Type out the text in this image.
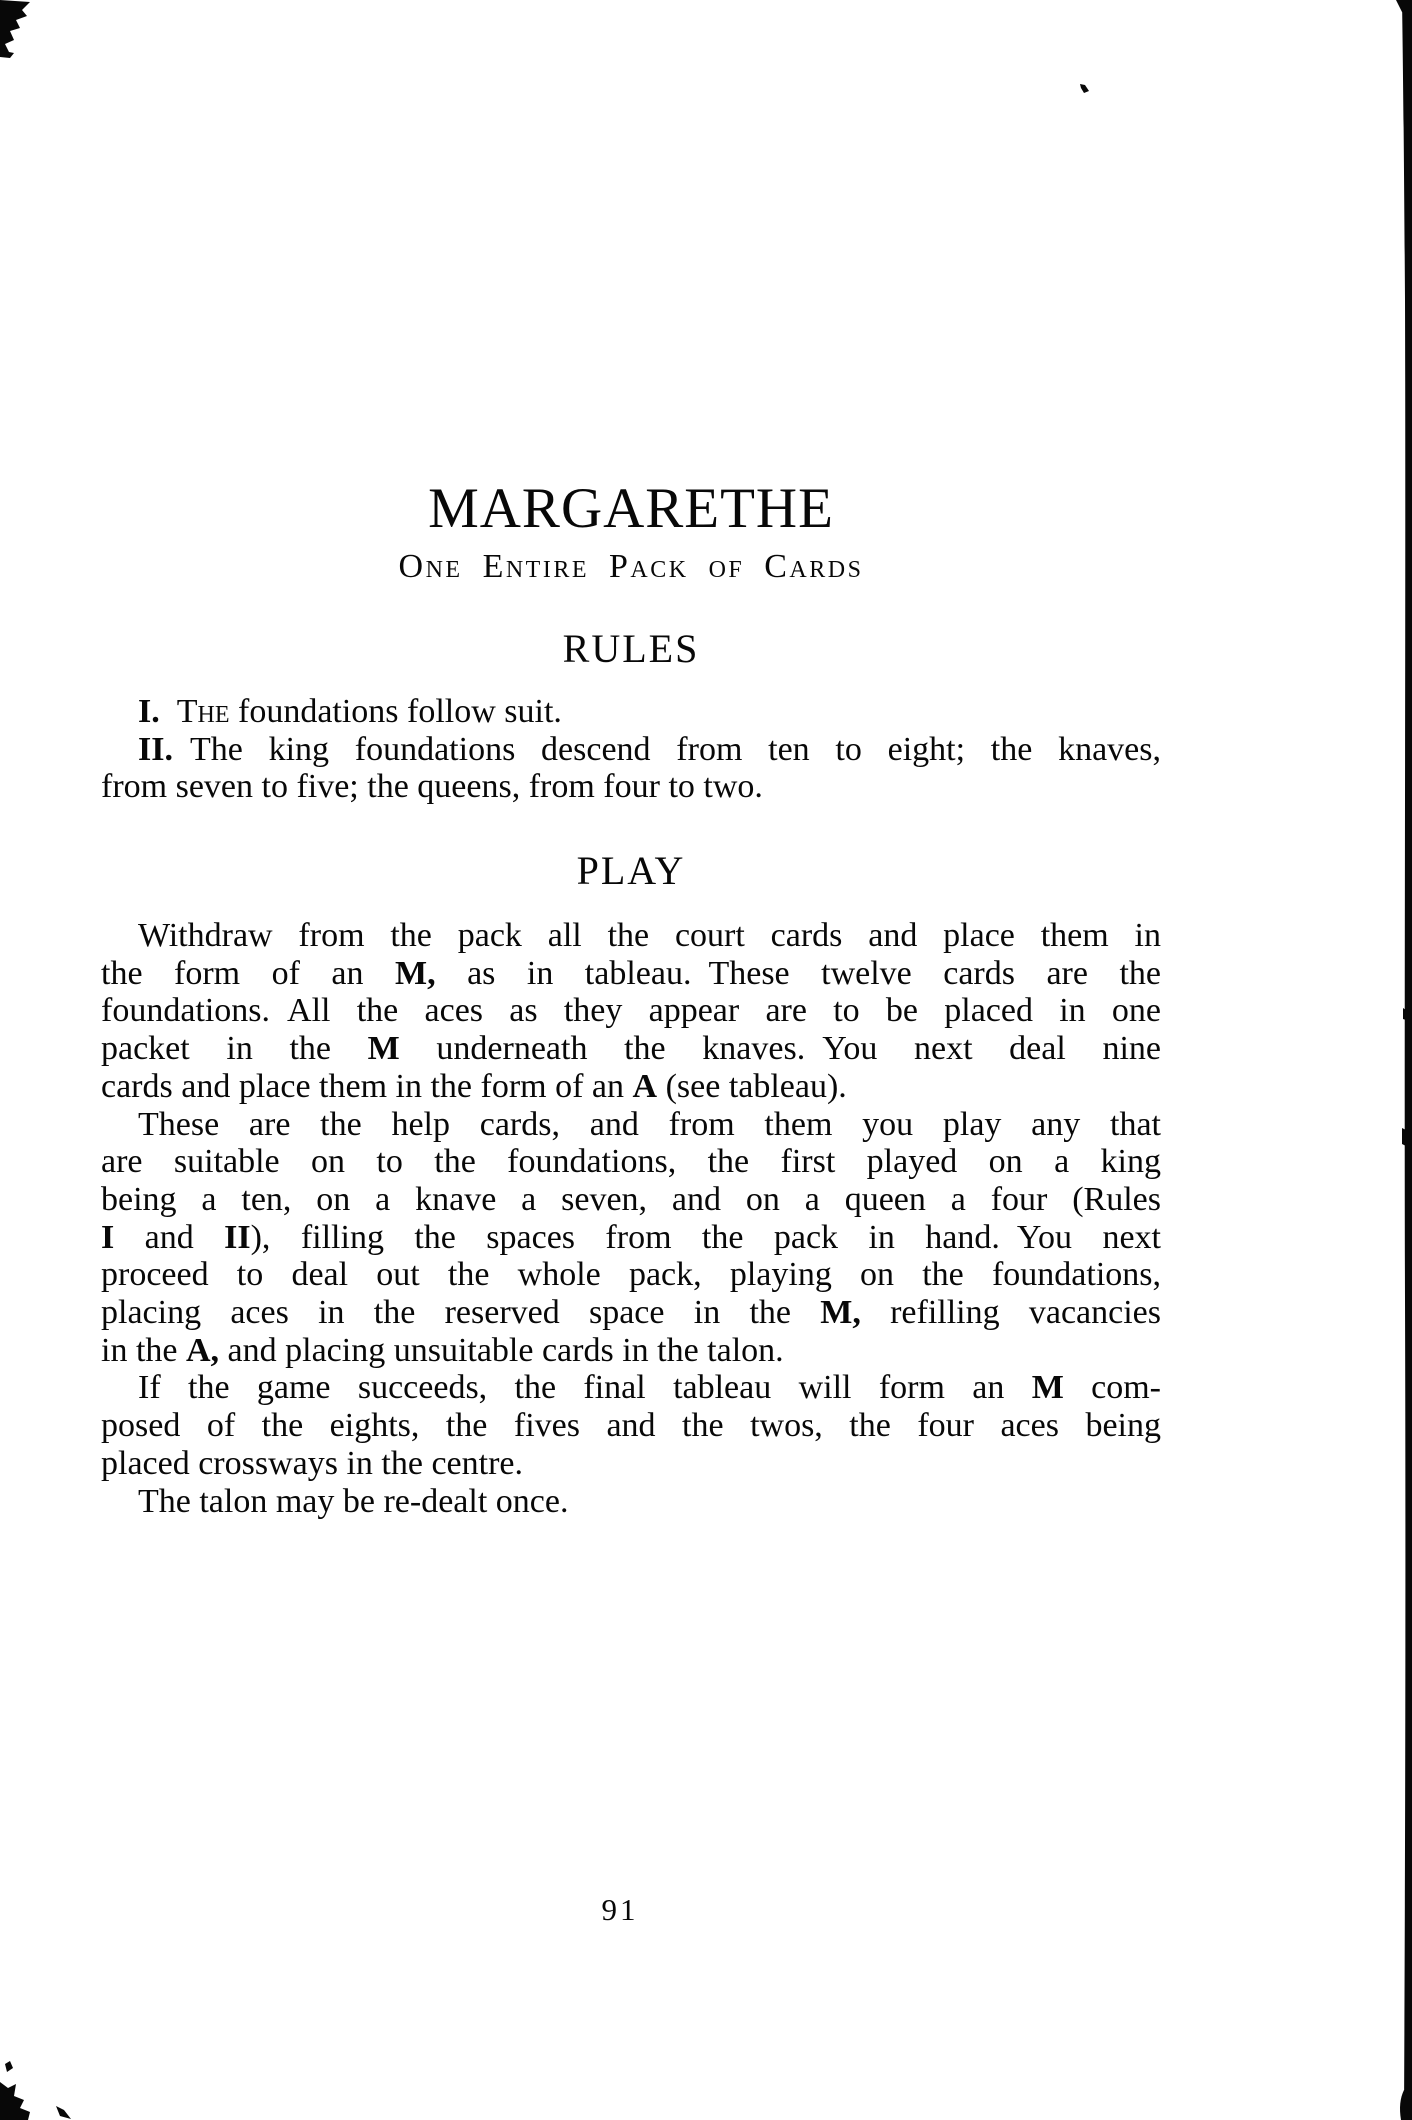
MARGARETHE
One Entire Pack of Cards
RULES
I. The foundations follow suit.
II. The king foundations descend from ten to eight; the knaves,
from seven to five; the queens, from four to two.
PLAY
Withdraw from the pack all the court cards and place them in
the form of an M, as in tableau. These twelve cards are the
foundations. All the aces as they appear are to be placed in one
packet in the M underneath the knaves. You next deal nine
cards and place them in the form of an A (see tableau).
These are the help cards, and from them you play any that
are suitable on to the foundations, the first played on a king
being a ten, on a knave a seven, and on a queen a four (Rules
I and II), filling the spaces from the pack in hand. You next
proceed to deal out the whole pack, playing on the foundations,
placing aces in the reserved space in the M, refilling vacancies
in the A, and placing unsuitable cards in the talon.
If the game succeeds, the final tableau will form an M com-
posed of the eights, the fives and the twos, the four aces being
placed crossways in the centre.
The talon may be re-dealt once.
91
